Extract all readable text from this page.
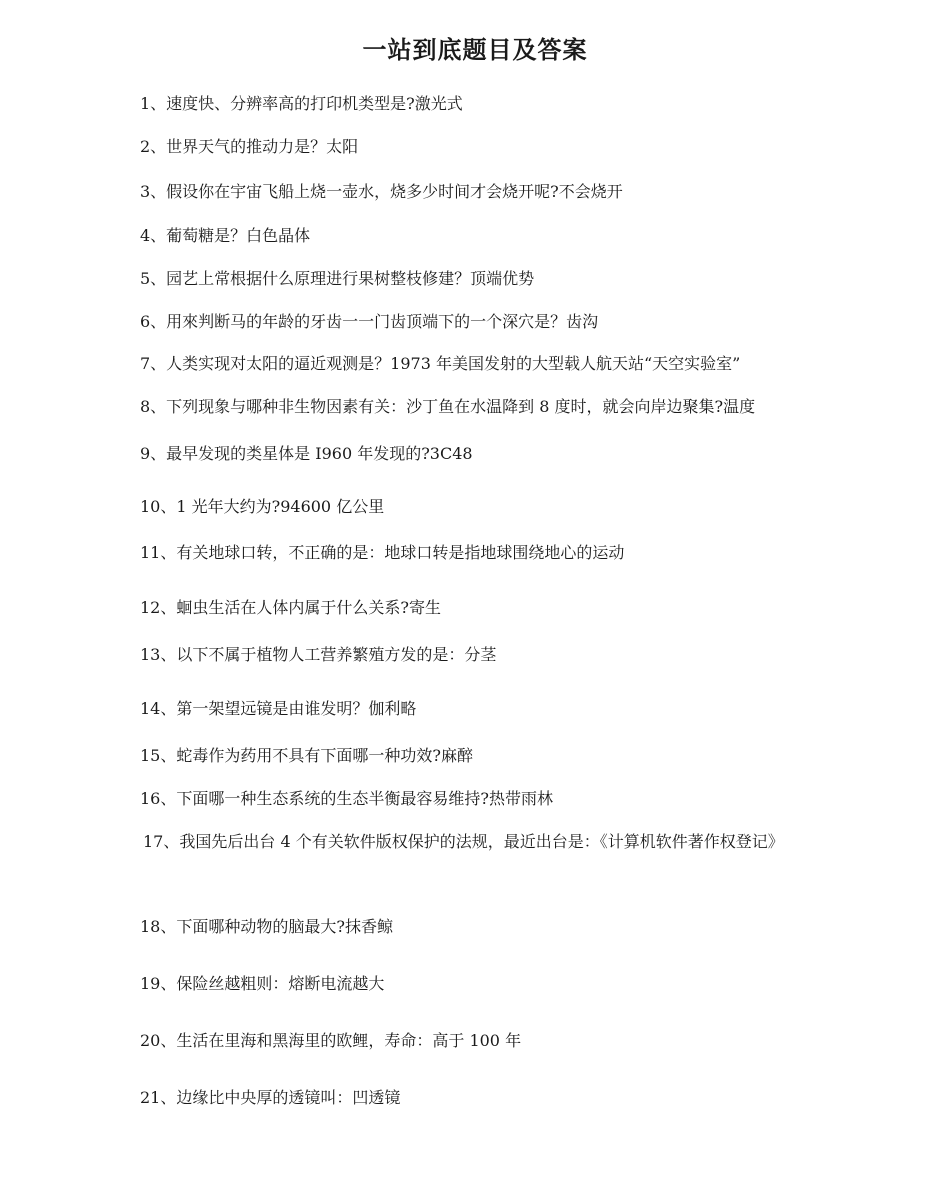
一站到底题目及答案
1、速度快、分辨率高的打印机类型是?激光式
2、世界天气的推动力是？太阳
3、假设你在宇宙飞船上烧一壶水，烧多少时间才会烧开呢?不会烧开
4、葡萄糖是？白色晶体
5、园艺上常根据什么原理进行果树整枝修建？顶端优势
6、用來判断马的年龄的牙齿一一门齿顶端下的一个深穴是？齿沟
7、人类实现对太阳的逼近观测是？1973 年美国发射的大型载人航天站“天空实验室”
8、下列现象与哪种非生物因素有关：沙丁鱼在水温降到 8 度时，就会向岸边聚集?温度
9、最早发现的类星体是 I960 年发现的?3C48
10、1 光年大约为?94600 亿公里
11、有关地球口转，不正确的是：地球口转是指地球围绕地心的运动
12、蛔虫生活在人体内属于什么关系?寄生
13、以下不属于植物人工营养繁殖方发的是：分茎
14、第一架望远镜是由谁发明？伽利略
15、蛇毒作为药用不具有下面哪一种功效?麻醉
16、下面哪一种生态系统的生态半衡最容易维持?热带雨林
17、我国先后出台 4 个有关软件版权保护的法规，最近出台是：《计算机软件著作权登记》
18、下面哪种动物的脑最大?抹香鲸
19、保险丝越粗则：熔断电流越大
20、生活在里海和黑海里的欧鲤，寿命：高于 100 年
21、边缘比中央厚的透镜叫：凹透镜
